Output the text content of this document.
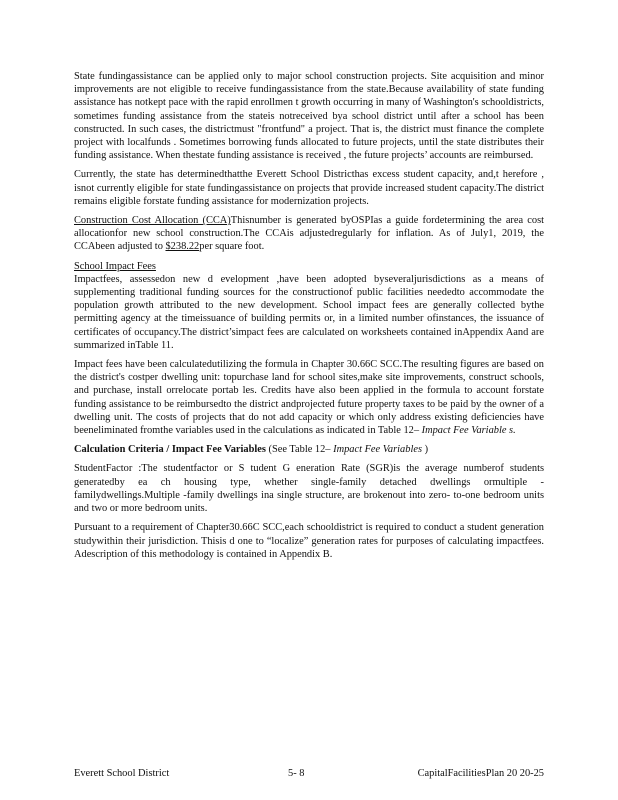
State fundingassistance can be applied only to major school construction projects. Site acquisition and minor improvements are not eligible to receive fundingassistance from the state.Because availability of state funding assistance has notkept pace with the rapid enrollmen t growth occurring in many of Washington's schooldistricts, sometimes funding assistance from the stateis notreceived bya school district until after a school has been constructed. In such cases, the districtmust "frontfund" a project. That is, the district must finance the complete project with localfunds . Sometimes borrowing funds allocated to future projects, until the state distributes their funding assistance. When thestate funding assistance is received , the future projects’ accounts are reimbursed.

Currently, the state has determinedthatthe Everett School Districthas excess student capacity, and,t herefore , isnot currently eligible for state fundingassistance on projects that provide increased student capacity.The district remains eligible forstate funding assistance for modernization projects.

Construction Cost Allocation (CCA)Thisnumber is generated byOSPIas a guide fordetermining the area cost allocationfor new school construction.The CCAis adjustedregularly for inflation. As of July1, 2019, the CCAbeen adjusted to $238.22per square foot.

School Impact Fees

Impactfees, assessedon new d evelopment ,have been adopted byseveraljurisdictions as a means of supplementing traditional funding sources for the constructionof public facilities neededto accommodate the population growth attributed to the new development. School impact fees are generally collected bythe permitting agency at the timeissuance of building permits or, in a limited number ofinstances, the issuance of certificates of occupancy.The district’simpact fees are calculated on worksheets contained inAppendix Aand are summarized inTable 11.

Impact fees have been calculatedutilizing the formula in Chapter 30.66C SCC.The resulting figures are based on the district's costper dwelling unit: topurchase land for school sites,make site improvements, construct schools, and purchase, install orrelocate portab les. Credits have also been applied in the formula to account forstate funding assistance to be reimbursedto the district andprojected future property taxes to be paid by the owner of a dwelling unit. The costs of projects that do not add capacity or which only address existing deficiencies have beeneliminated fromthe variables used in the calculations as indicated in Table 12– Impact Fee Variable s.

Calculation Criteria / Impact Fee Variables (See Table 12– Impact Fee Variables )

StudentFactor :The studentfactor or S tudent G eneration Rate (SGR)is the average numberof students generatedby ea ch housing type, whether single-family detached dwellings ormultiple - familydwellings.Multiple -family dwellings ina single structure, are brokenout into zero- to-one bedroom units and two or more bedroom units.

Pursuant to a requirement of Chapter30.66C SCC,each schooldistrict is required to conduct a student generation studywithin their jurisdiction. Thisis d one to “localize” generation rates for purposes of calculating impactfees. Adescription of this methodology is contained in Appendix B.

Everett School District	5- 8	CapitalFacilitiesPlan 20 20-25
